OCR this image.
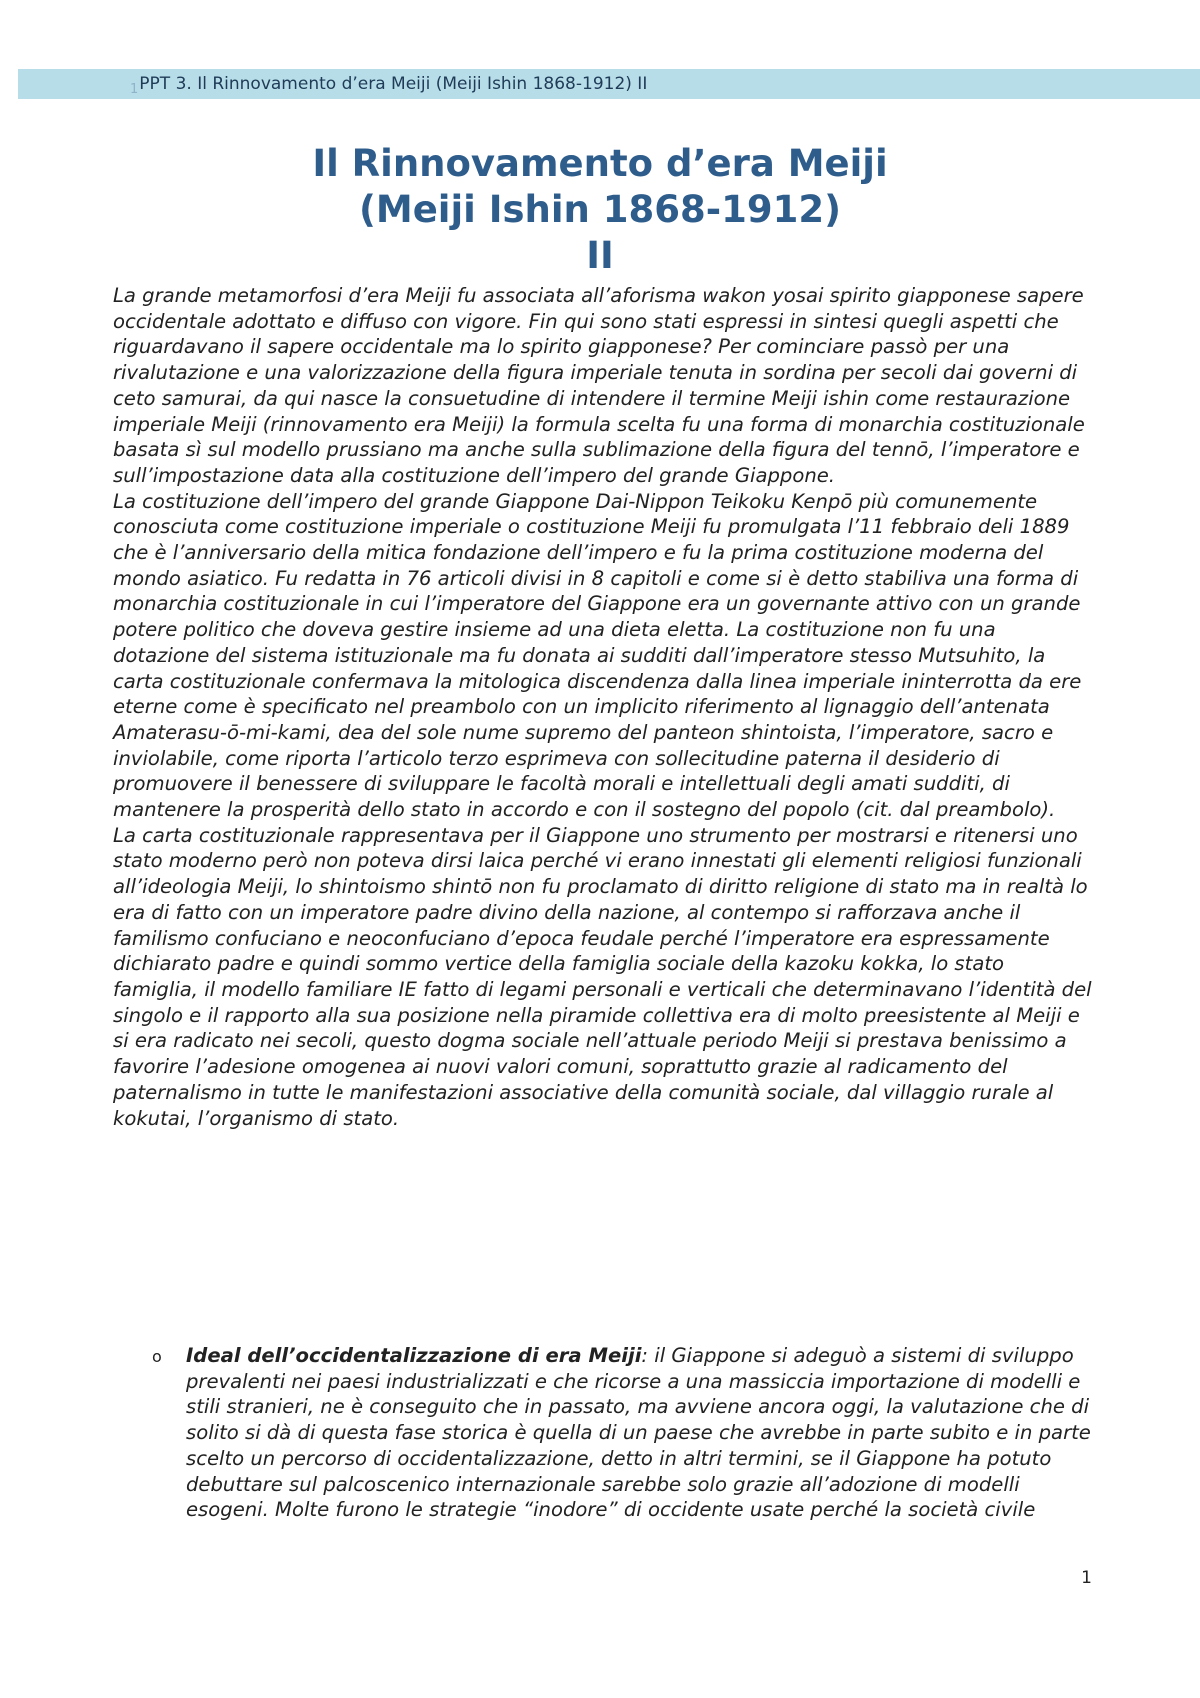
$_1$PPT 3. Il Rinnovamento d’era Meiji (Meiji Ishin 1868-1912) II
Il Rinnovamento d’era Meiji
(Meiji Ishin 1868-1912)
II

La grande metamorfosi d’era Meiji fu associata all’aforisma wakon yosai spirito giapponese sapere occidentale adottato e diffuso con vigore. Fin qui sono stati espressi in sintesi quegli aspetti che riguardavano il sapere occidentale ma lo spirito giapponese? Per cominciare passò per una rivalutazione e una valorizzazione della figura imperiale tenuta in sordina per secoli dai governi di ceto samurai, da qui nasce la consuetudine di intendere il termine Meiji ishin come restaurazione imperiale Meiji (rinnovamento era Meiji) la formula scelta fu una forma di monarchia costituzionale basata sì sul modello prussiano ma anche sulla sublimazione della figura del tennō, l’imperatore e sull’impostazione data alla costituzione dell’impero del grande Giappone.

La costituzione dell’impero del grande Giappone Dai-Nippon Teikoku Kenpō più comunemente conosciuta come costituzione imperiale o costituzione Meiji fu promulgata l’11 febbraio deli 1889 che è l’anniversario della mitica fondazione dell’impero e fu la prima costituzione moderna del mondo asiatico. Fu redatta in 76 articoli divisi in 8 capitoli e come si è detto stabiliva una forma di monarchia costituzionale in cui l’imperatore del Giappone era un governante attivo con un grande potere politico che doveva gestire insieme ad una dieta eletta. La costituzione non fu una dotazione del sistema istituzionale ma fu donata ai sudditi dall’imperatore stesso Mutsuhito, la carta costituzionale confermava la mitologica discendenza dalla linea imperiale ininterrotta da ere eterne come è specificato nel preambolo con un implicito riferimento al lignaggio dell’antenata Amaterasu-ō-mi-kami, dea del sole nume supremo del panteon shintoista, l’imperatore, sacro e inviolabile, come riporta l’articolo terzo esprimeva con sollecitudine paterna il desiderio di promuovere il benessere di sviluppare le facoltà morali e intellettuali degli amati sudditi, di mantenere la prosperità dello stato in accordo e con il sostegno del popolo (cit. dal preambolo).

La carta costituzionale rappresentava per il Giappone uno strumento per mostrarsi e ritenersi uno stato moderno però non poteva dirsi laica perché vi erano innestati gli elementi religiosi funzionali all’ideologia Meiji, lo shintoismo shintō non fu proclamato di diritto religione di stato ma in realtà lo era di fatto con un imperatore padre divino della nazione, al contempo si rafforzava anche il familismo confuciano e neoconfuciano d’epoca feudale perché l’imperatore era espressamente dichiarato padre e quindi sommo vertice della famiglia sociale della kazoku kokka, lo stato famiglia, il modello familiare IE fatto di legami personali e verticali che determinavano l’identità del singolo e il rapporto alla sua posizione nella piramide collettiva era di molto preesistente al Meiji e si era radicato nei secoli, questo dogma sociale nell’attuale periodo Meiji si prestava benissimo a favorire l’adesione omogenea ai nuovi valori comuni, soprattutto grazie al radicamento del paternalismo in tutte le manifestazioni associative della comunità sociale, dal villaggio rurale al kokutai, l’organismo di stato.

o Ideal dell’occidentalizzazione di era Meiji: il Giappone si adeguò a sistemi di sviluppo prevalenti nei paesi industrializzati e che ricorse a una massiccia importazione di modelli e stili stranieri, ne è conseguito che in passato, ma avviene ancora oggi, la valutazione che di solito si dà di questa fase storica è quella di un paese che avrebbe in parte subito e in parte scelto un percorso di occidentalizzazione, detto in altri termini, se il Giappone ha potuto debuttare sul palcoscenico internazionale sarebbe solo grazie all’adozione di modelli esogeni. Molte furono le strategie “inodore” di occidente usate perché la società civile
1
